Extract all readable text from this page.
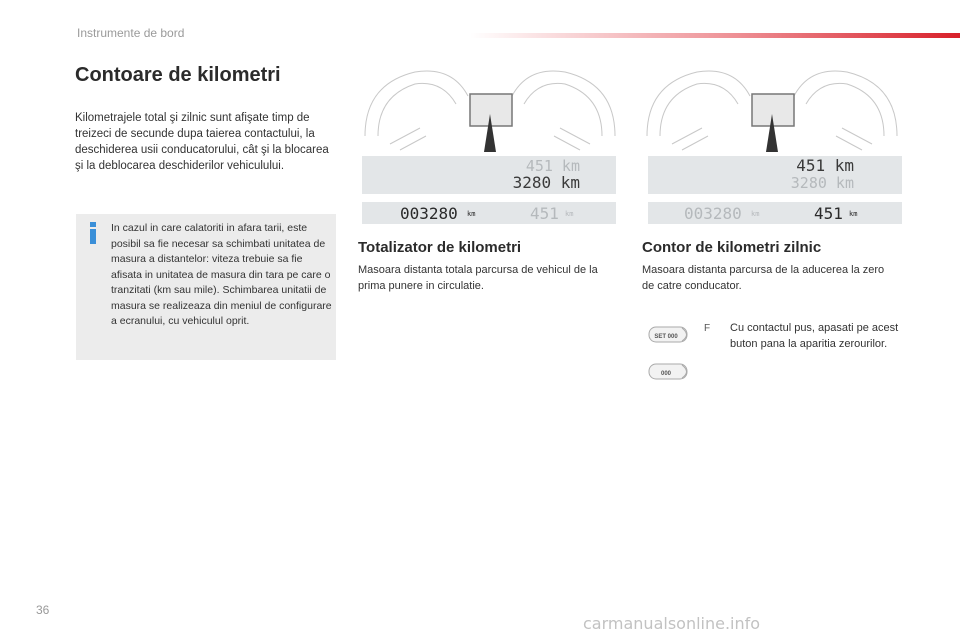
Instrumente de bord
Contoare de kilometri

Kilometrajele total şi zilnic sunt afişate timp de treizeci de secunde dupa taierea contactului, la deschiderea usii conducatorului, cât şi la blocarea şi la deblocarea deschiderilor vehiculului.

In cazul in care calatoriti in afara tarii, este posibil sa fie necesar sa schimbati unitatea de masura a distantelor: viteza trebuie sa fie afisata in unitatea de masura din tara pe care o tranzitati (km sau mile). Schimbarea unitatii de masura se realizeaza din meniul de configurare a ecranului, cu vehiculul oprit.

451 km
3280 km
003280 km	451 km
Totalizator de kilometri

Masoara distanta totala parcursa de vehicul de la prima punere in circulatie.

451 km
3280 km
003280 km	451 km
Contor de kilometri zilnic

Masoara distanta parcursa de la aducerea la zero de catre conducator.

SET 000
000
F Cu contactul pus, apasati pe acest buton pana la aparitia zerourilor.

36
carmanualsonline.info
